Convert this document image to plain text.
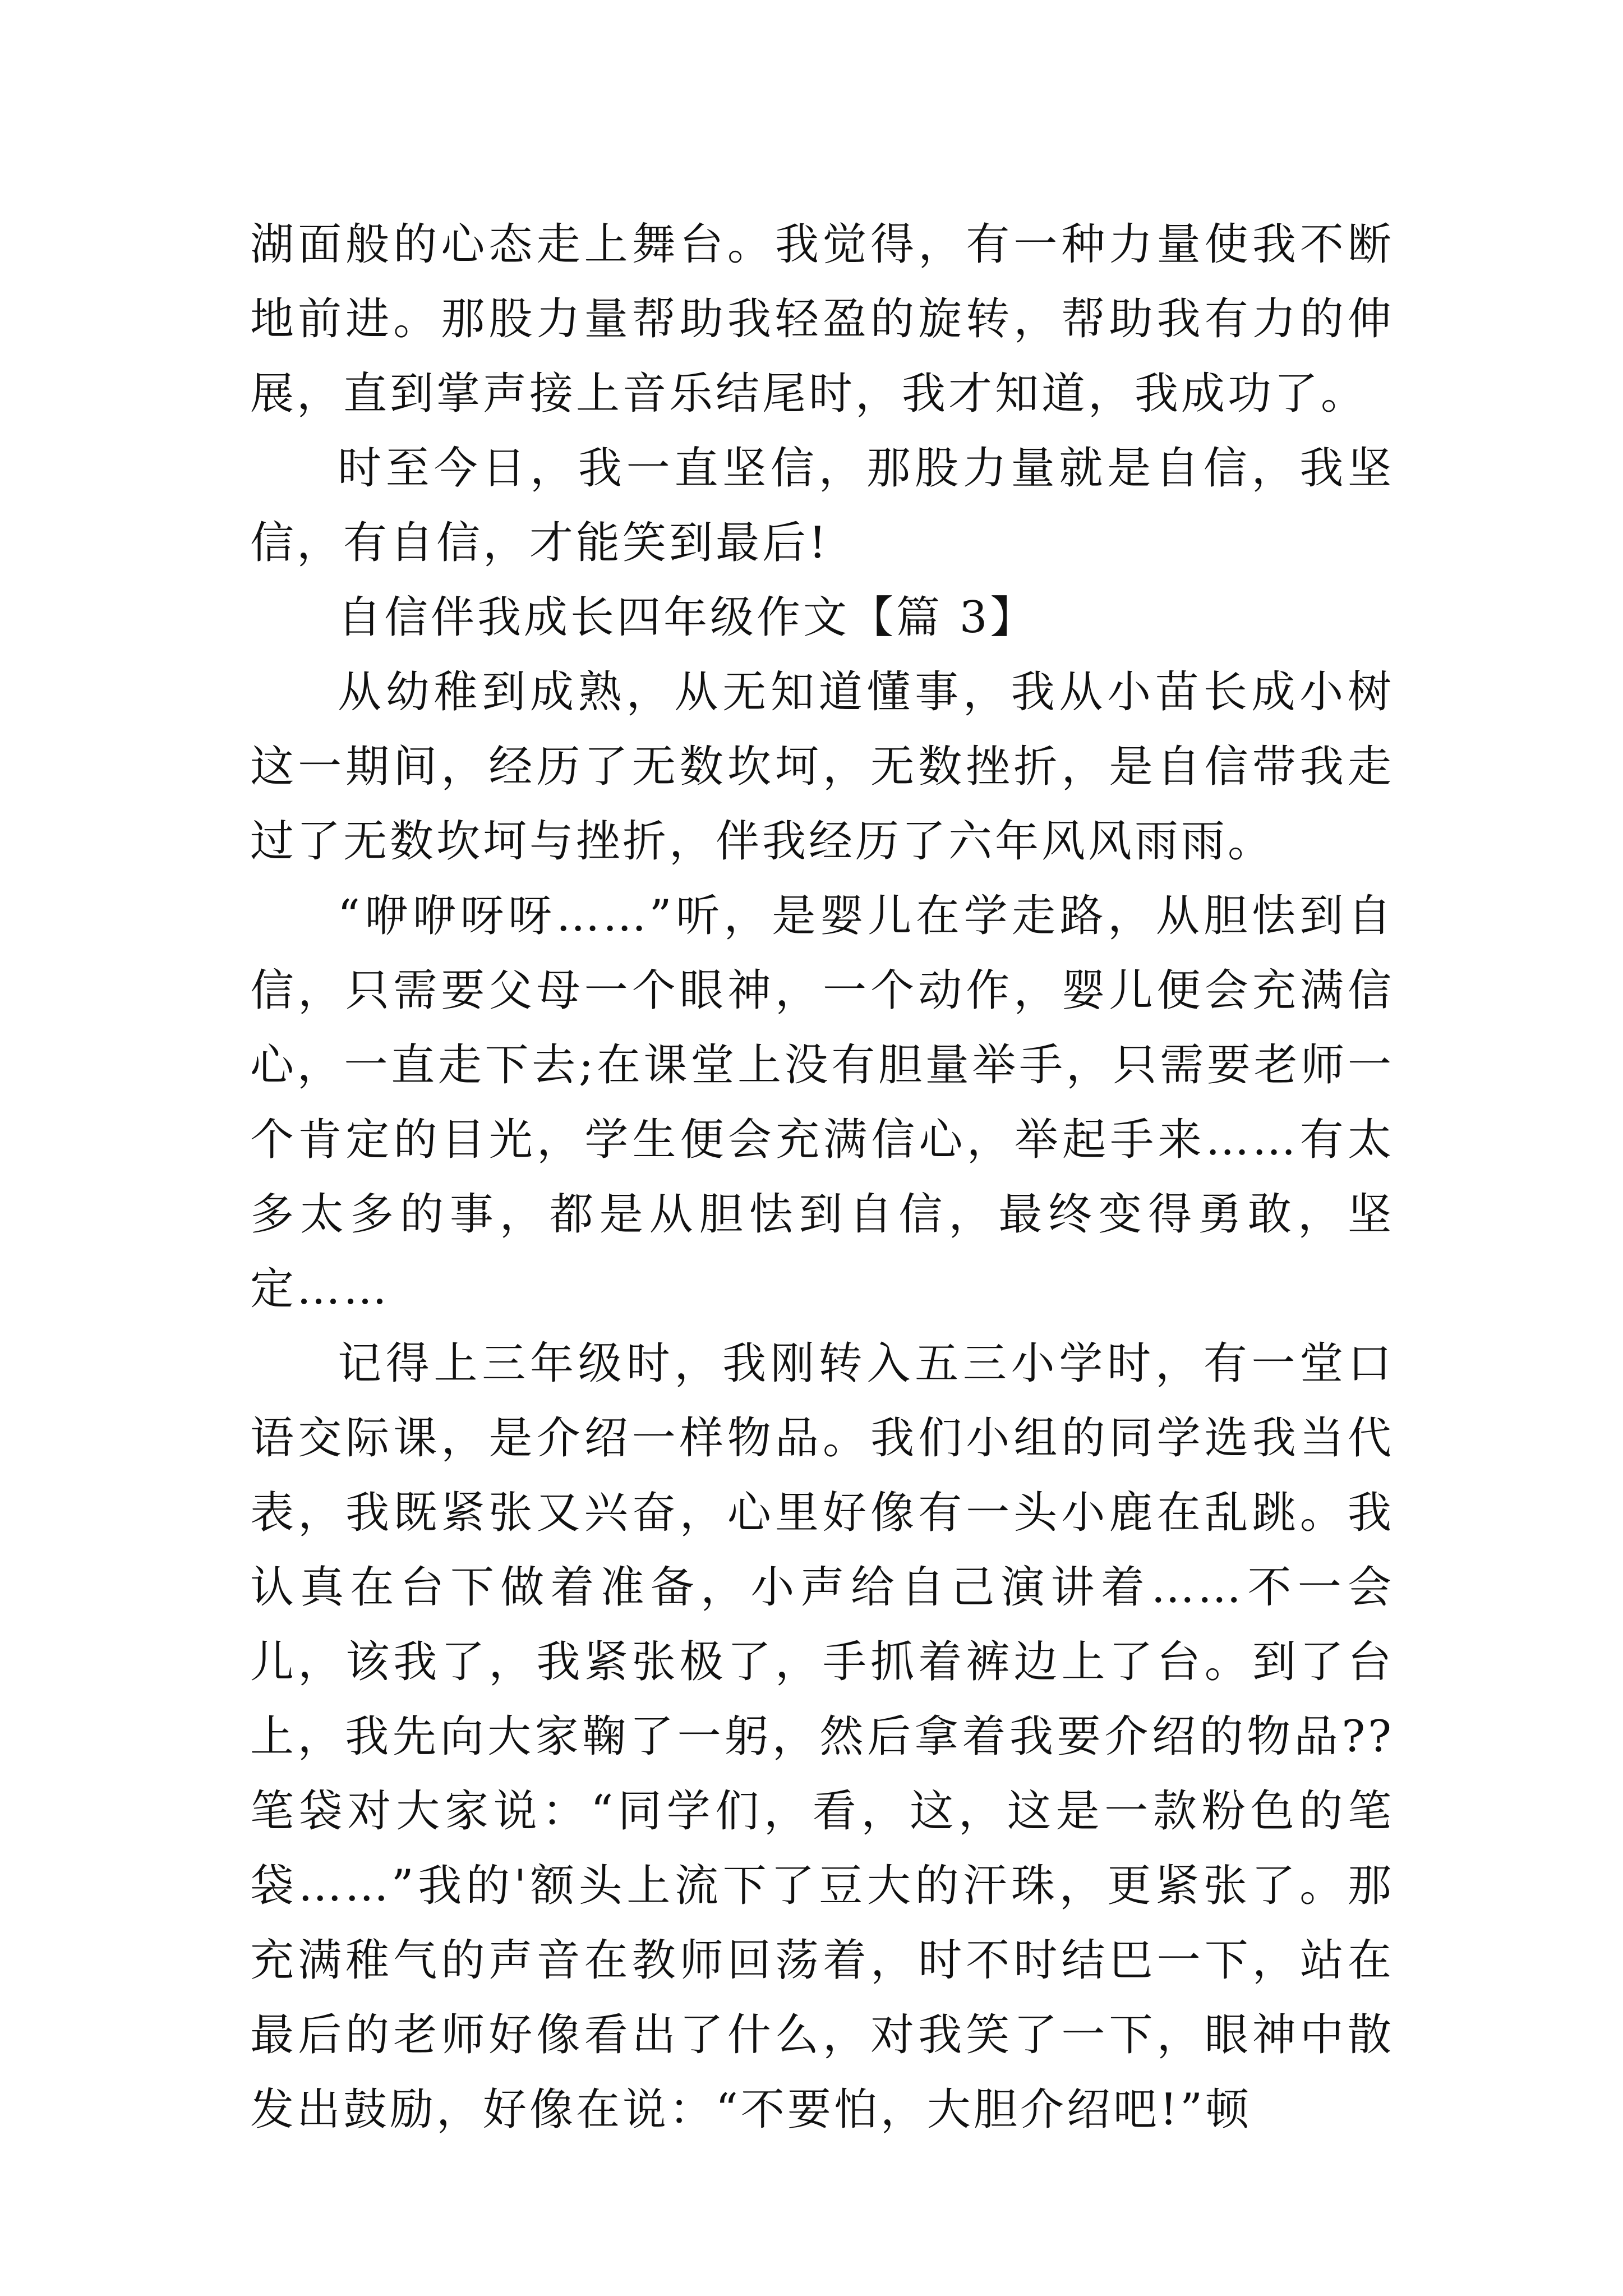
湖面般的心态走上舞台。我觉得，有一种力量使我不断地前进。那股力量帮助我轻盈的旋转，帮助我有力的伸展，直到掌声接上音乐结尾时，我才知道，我成功了。

时至今日，我一直坚信，那股力量就是自信，我坚信，有自信，才能笑到最后!

自信伴我成长四年级作文【篇 3】

从幼稚到成熟，从无知道懂事，我从小苗长成小树这一期间，经历了无数坎坷，无数挫折，是自信带我走过了无数坎坷与挫折，伴我经历了六年风风雨雨。

“咿咿呀呀……”听，是婴儿在学走路，从胆怯到自信，只需要父母一个眼神，一个动作，婴儿便会充满信心，一直走下去;在课堂上没有胆量举手，只需要老师一个肯定的目光，学生便会充满信心，举起手来……有太多太多的事，都是从胆怯到自信，最终变得勇敢，坚定……

记得上三年级时，我刚转入五三小学时，有一堂口语交际课，是介绍一样物品。我们小组的同学选我当代表，我既紧张又兴奋，心里好像有一头小鹿在乱跳。我认真在台下做着准备，小声给自己演讲着……不一会儿，该我了，我紧张极了，手抓着裤边上了台。到了台上，我先向大家鞠了一躬，然后拿着我要介绍的物品??笔袋对大家说：“同学们，看，这，这是一款粉色的笔袋……”我的'额头上流下了豆大的汗珠，更紧张了。那充满稚气的声音在教师回荡着，时不时结巴一下，站在最后的老师好像看出了什么，对我笑了一下，眼神中散发出鼓励，好像在说：“不要怕，大胆介绍吧!”顿
